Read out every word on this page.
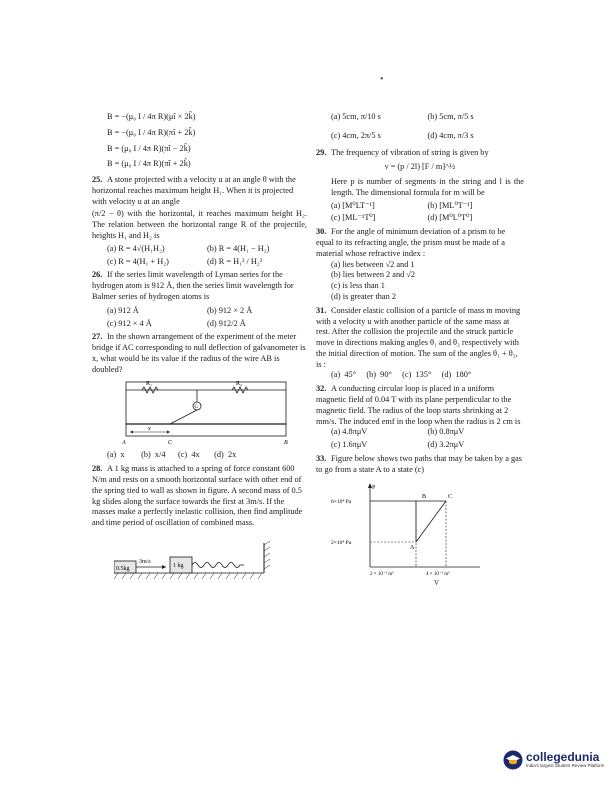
•
B = −(μ₀ I / 4π R)(μî × 2k̂)
B = −(μ₀ I / 4π R)(πî + 2k̂)
B = (μ₀ I / 4π R)(πî − 2k̂)
B = (μ₀ I / 4π R)(πî + 2k̂)
25. A stone projected with a velocity u at an angle θ with the horizontal reaches maximum height H₁. When it is projected with velocity u at an angle
(π/2 − θ) with the horizontal, it reaches maximum height H₂. The relation between the horizontal range R of the projectile, heights H₁ and H₂ is
(a) R = 4√(H₁H₂)	(b) R = 4(H₁ − H₂)
(c) R = 4(H₁ + H₂)	(d) R = H₁² / H₂²
26. If the series limit wavelength of Lyman series for the hydrogen atom is 912 Å, then the series limit wavelength for Balmer series of hydrogen atoms is
(a) 912 Å	(b) 912 × 2 Å
(c) 912 × 4 Å	(d) 912/2 Å
27. In the shown arrangement of the experiment of the meter bridge if AC corresponding to null deflection of galvanometer is x, what would be its value if the radius of the wire AB is doubled?
R₁	R₂
G
x
A	C	B
(a)  x        (b)  x/4      (c)  4x       (d)  2x
28. A 1 kg mass is attached to a spring of force constant 600 N/m and rests on a smooth horizontal surface with other end of the spring tied to wall as shown in figure. A second mass of 0.5 kg slides along the surface towards the first at 3m/s. If the masses make a perfectly inelastic collision, then find amplitude and time period of oscillation of combined mass.
0.5kg
3m/s
1 kg
(a) 5cm, π/10 s	(b) 5cm, π/5 s
(c) 4cm, 2π/5 s	(d) 4cm, π/3 s
29. The frequency of vibration of string is given by
ν = (p / 2l) [F / m]^½
Here p is number of segments in the string and l is the length. The dimensional formula for m will be
(a) [M⁰LT⁻¹]	(b) [ML⁰T⁻¹]
(c) [ML⁻¹T⁰]	(d) [M⁰L⁰T⁰]
30. For the angle of minimum deviation of a prism to be equal to its refracting angle, the prism must be made of a material whose refractive index :
(a) lies between √2 and 1
(b) lies between 2 and √2
(c) is less than 1
(d) is greater than 2
31. Consider elastic collision of a particle of mass m moving with a velocity u with another particle of the same mass at rest. After the collision the projectile and the struck particle move in directions making angles θ₁ and θ₂ respectively with the initial direction of motion. The sum of the angles θ₁ + θ₂, is :
(a)  45°     (b)  90°     (c)  135°     (d)  180°
32. A conducting circular loop is placed in a uniform magnetic field of 0.04 T with its plane perpendicular to the magnetic field. The radius of the loop starts shrinking at 2 mm/s. The induced emf in the loop when the radius is 2 cm is
(a) 4.8πμV	(b) 0.8πμV
(c) 1.6πμV	(d) 3.2πμV
33. Figure below shows two paths that may be taken by a gas to go from a state A to a state (c)
P
6×10⁴ Pa
2×10⁴ Pa
A
B	C
2 × 10⁻³ m³	4 × 10⁻³ m³
V
collegedunia
India's largest Student Review Platform
